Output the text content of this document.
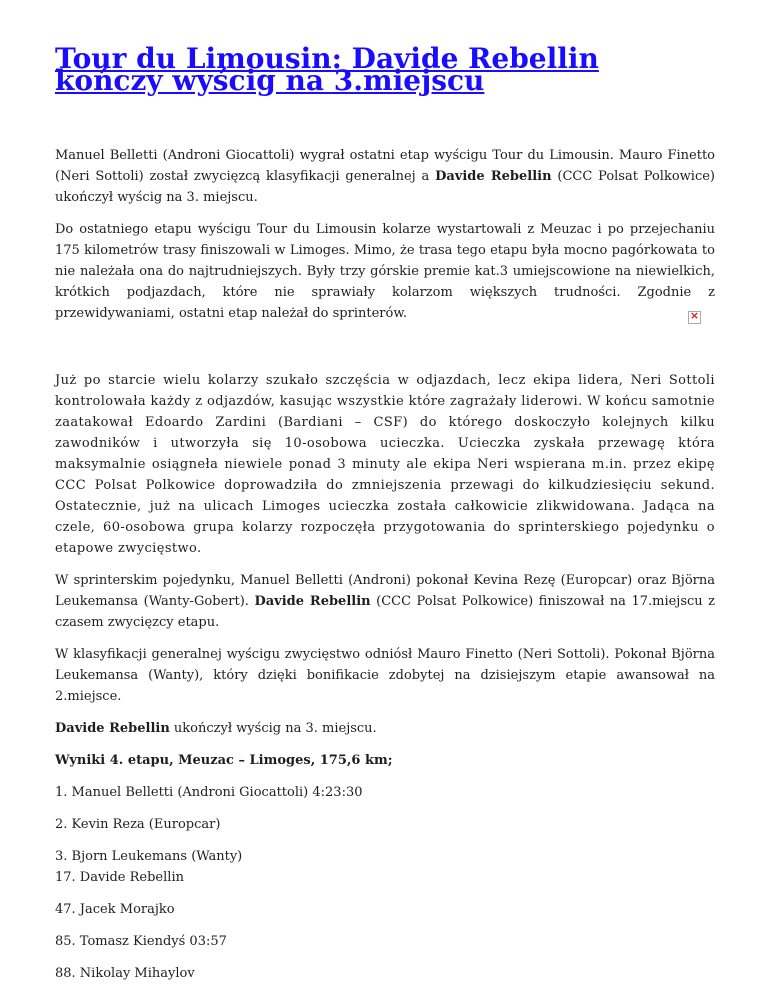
Tour du Limousin: Davide Rebellin kończy wyścig na 3.miejscu

Manuel Belletti (Androni Giocattoli) wygrał ostatni etap wyścigu Tour du Limousin. Mauro Finetto (Neri Sottoli) został zwycięzcą klasyfikacji generalnej a Davide Rebellin (CCC Polsat Polkowice) ukończył wyścig na 3. miejscu.

Do ostatniego etapu wyścigu Tour du Limousin kolarze wystartowali z Meuzac i po przejechaniu 175 kilometrów trasy finiszowali w Limoges. Mimo, że trasa tego etapu była mocno pagórkowata to nie należała ona do najtrudniejszych. Były trzy górskie premie kat.3 umiejscowione na niewielkich, krótkich podjazdach, które nie sprawiały kolarzom większych trudności. Zgodnie z przewidywaniami, ostatni etap należał do sprinterów.

Już po starcie wielu kolarzy szukało szczęścia w odjazdach, lecz ekipa lidera, Neri Sottoli kontrolowała każdy z odjazdów, kasując wszystkie które zagrażały liderowi. W końcu samotnie zaatakował Edoardo Zardini (Bardiani – CSF) do którego doskoczyło kolejnych kilku zawodników i utworzyła się 10-osobowa ucieczka. Ucieczka zyskała przewagę która maksymalnie osiągneła niewiele ponad 3 minuty ale ekipa Neri wspierana m.in. przez ekipę CCC Polsat Polkowice doprowadziła do zmniejszenia przewagi do kilkudziesięciu sekund. Ostatecznie, już na ulicach Limoges ucieczka została całkowicie zlikwidowana. Jadąca na czele, 60-osobowa grupa kolarzy rozpoczęła przygotowania do sprinterskiego pojedynku o etapowe zwycięstwo.

W sprinterskim pojedynku, Manuel Belletti (Androni) pokonał Kevina Rezę (Europcar) oraz Björna Leukemansa (Wanty-Gobert). Davide Rebellin (CCC Polsat Polkowice) finiszował na 17.miejscu z czasem zwycięzcy etapu.

W klasyfikacji generalnej wyścigu zwycięstwo odniósł Mauro Finetto (Neri Sottoli). Pokonał Björna Leukemansa (Wanty), który dzięki bonifikacie zdobytej na dzisiejszym etapie awansował na 2.miejsce.

Davide Rebellin ukończył wyścig na 3. miejscu.

Wyniki 4. etapu, Meuzac – Limoges, 175,6 km;

1. Manuel Belletti (Androni Giocattoli) 4:23:30

2. Kevin Reza (Europcar)

3. Bjorn Leukemans (Wanty)

17. Davide Rebellin

47. Jacek Morajko

85. Tomasz Kiendyś 03:57

88. Nikolay Mihaylov

×
